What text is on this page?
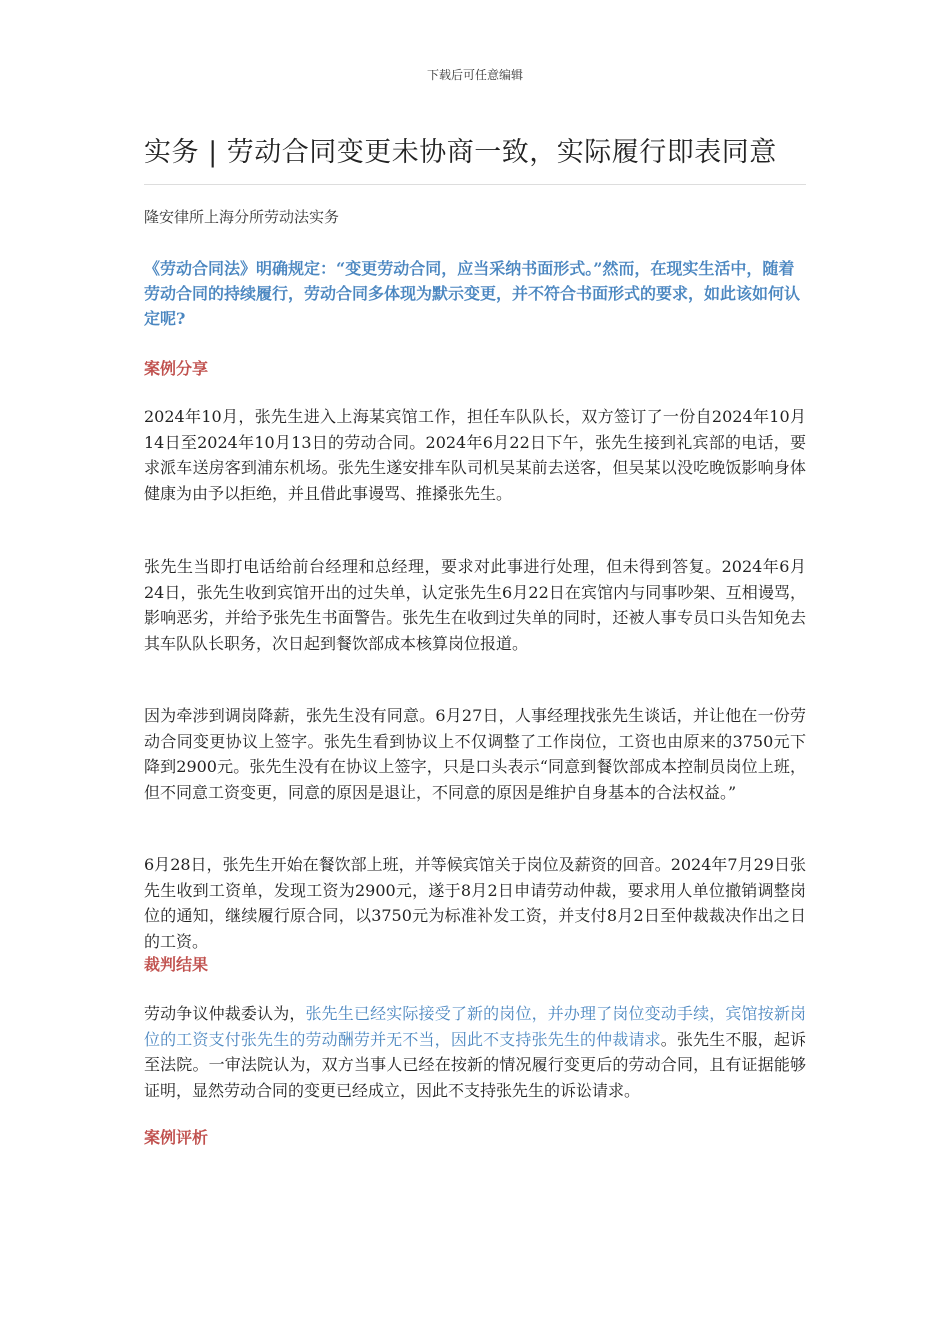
下载后可任意编辑
实务 | 劳动合同变更未协商一致，实际履行即表同意
隆安律所上海分所劳动法实务
《劳动合同法》明确规定：“变更劳动合同，应当采纳书面形式。”然而，在现实生活中，随着劳动合同的持续履行，劳动合同多体现为默示变更，并不符合书面形式的要求，如此该如何认定呢?
案例分享
2024年10月，张先生进入上海某宾馆工作，担任车队队长，双方签订了一份自2024年10月14日至2024年10月13日的劳动合同。2024年6月22日下午，张先生接到礼宾部的电话，要求派车送房客到浦东机场。张先生遂安排车队司机吴某前去送客，但吴某以没吃晚饭影响身体健康为由予以拒绝，并且借此事谩骂、推搡张先生。
张先生当即打电话给前台经理和总经理，要求对此事进行处理，但未得到答复。2024年6月24日，张先生收到宾馆开出的过失单，认定张先生6月22日在宾馆内与同事吵架、互相谩骂，影响恶劣，并给予张先生书面警告。张先生在收到过失单的同时，还被人事专员口头告知免去其车队队长职务，次日起到餐饮部成本核算岗位报道。
因为牵涉到调岗降薪，张先生没有同意。6月27日，人事经理找张先生谈话，并让他在一份劳动合同变更协议上签字。张先生看到协议上不仅调整了工作岗位，工资也由原来的3750元下降到2900元。张先生没有在协议上签字，只是口头表示“同意到餐饮部成本控制员岗位上班，但不同意工资变更，同意的原因是退让，不同意的原因是维护自身基本的合法权益。”
6月28日，张先生开始在餐饮部上班，并等候宾馆关于岗位及薪资的回音。2024年7月29日张先生收到工资单，发现工资为2900元，遂于8月2日申请劳动仲裁，要求用人单位撤销调整岗位的通知，继续履行原合同，以3750元为标准补发工资，并支付8月2日至仲裁裁决作出之日的工资。
裁判结果
劳动争议仲裁委认为，张先生已经实际接受了新的岗位，并办理了岗位变动手续，宾馆按新岗位的工资支付张先生的劳动酬劳并无不当，因此不支持张先生的仲裁请求。张先生不服，起诉至法院。一审法院认为，双方当事人已经在按新的情况履行变更后的劳动合同，且有证据能够证明，显然劳动合同的变更已经成立，因此不支持张先生的诉讼请求。
案例评析
